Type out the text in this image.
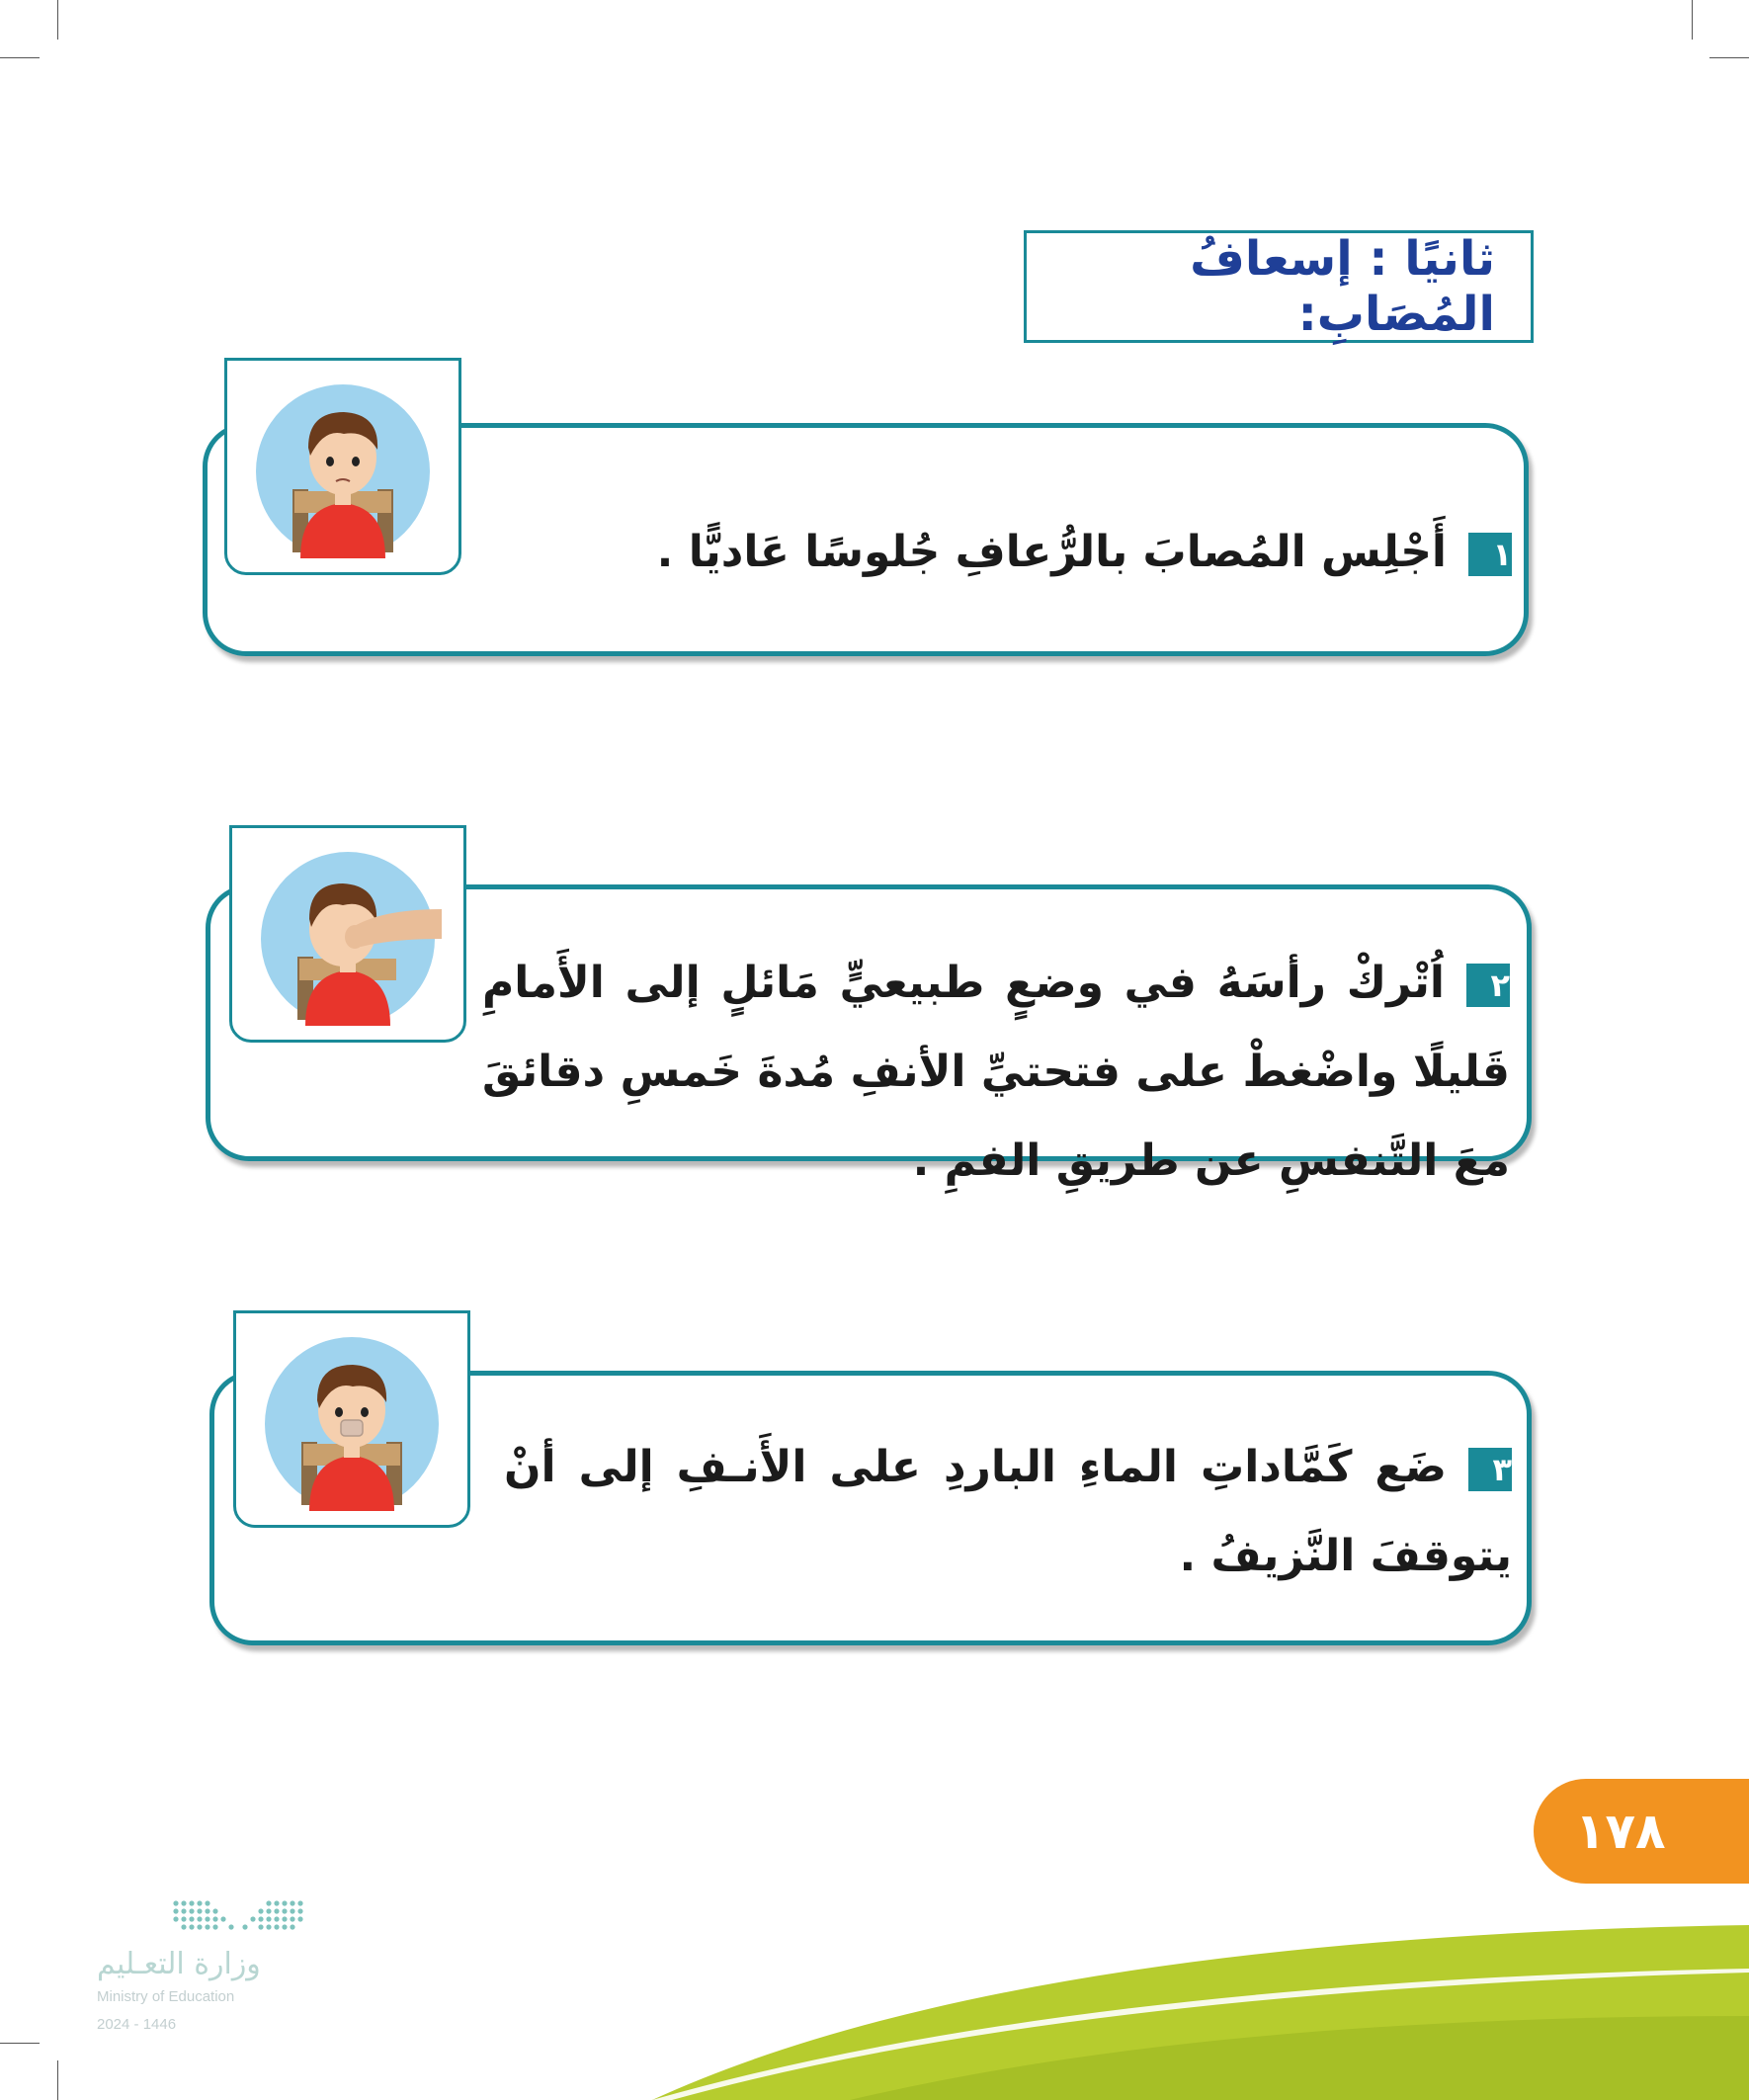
ثانيًا : إسعافُ المُصَابِ:
١أَجْلِس المُصابَ بالرُّعافِ جُلوسًا عَاديًّا .
٢اُتْركْ رأسَهُ في وضعٍ طبيعيٍّ مَائلٍ إلى الأَمامِ قَليلًا واضْغطْ على فتحتيِّ الأنفِ مُدةَ خَمسِ دقائقَ معَ التَّنفسِ عن طريقِ الفمِ .
٣ضَع كَمَّاداتِ الماءِ الباردِ على الأَنـفِ إلى أنْ يتوقفَ النَّزيفُ .
١٧٨
وزارة التعـليم
Ministry of Education
2024 - 1446
